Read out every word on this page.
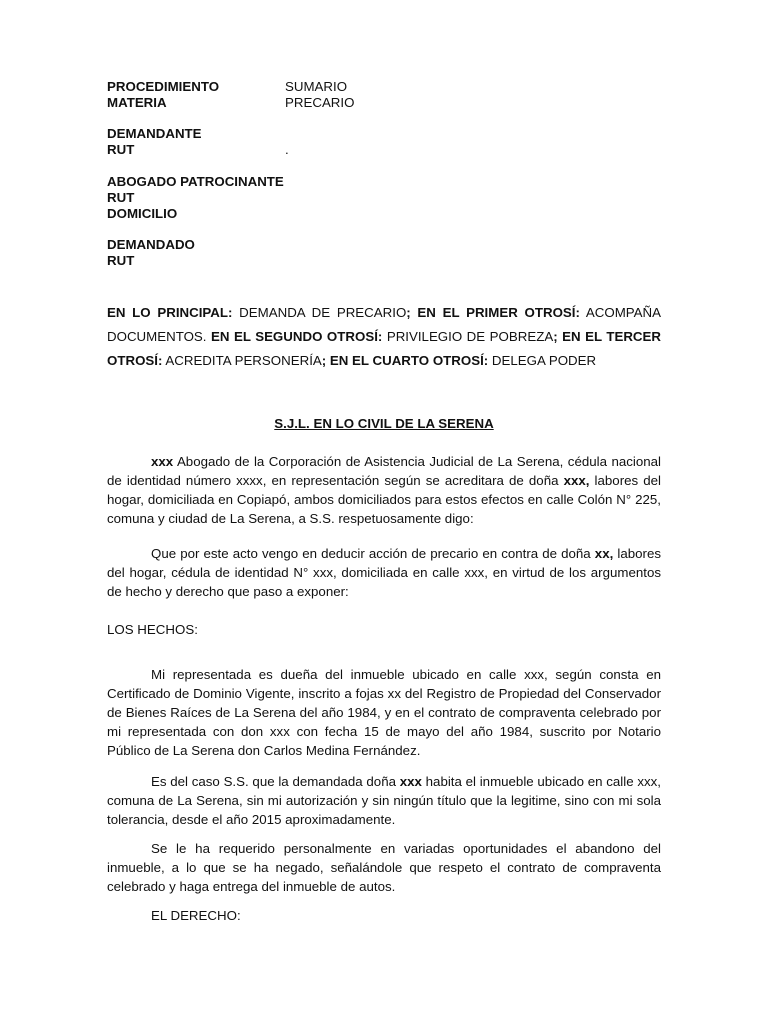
PROCEDIMIENTO	SUMARIO
MATERIA	PRECARIO
DEMANDANTE
RUT	.
ABOGADO PATROCINANTE
RUT
DOMICILIO
DEMANDADO
RUT
EN LO PRINCIPAL: DEMANDA DE PRECARIO; EN EL PRIMER OTROSÍ: ACOMPAÑA DOCUMENTOS. EN EL SEGUNDO OTROSÍ: PRIVILEGIO DE POBREZA; EN EL TERCER OTROSÍ: ACREDITA PERSONERÍA; EN EL CUARTO OTROSÍ: DELEGA PODER
S.J.L. EN LO CIVIL DE LA SERENA
xxx Abogado de la Corporación de Asistencia Judicial de La Serena, cédula nacional de identidad número xxxx, en representación según se acreditara de doña xxx, labores del hogar, domiciliada en Copiapó, ambos domiciliados para estos efectos en calle Colón N° 225, comuna y ciudad de La Serena, a S.S. respetuosamente digo:
Que por este acto vengo en deducir acción de precario en contra de doña xx, labores del hogar, cédula de identidad N° xxx, domiciliada en calle xxx, en virtud de los argumentos de hecho y derecho que paso a exponer:
LOS HECHOS:
Mi representada es dueña del inmueble ubicado en calle xxx, según consta en Certificado de Dominio Vigente, inscrito a fojas xx del Registro de Propiedad del Conservador de Bienes Raíces de La Serena del año 1984, y en el contrato de compraventa celebrado por mi representada con don xxx con fecha 15 de mayo del año 1984, suscrito por Notario Público de La Serena don Carlos Medina Fernández.
Es del caso S.S. que la demandada doña xxx habita el inmueble ubicado en calle xxx, comuna de La Serena, sin mi autorización y sin ningún título que la legitime, sino con mi sola tolerancia, desde el año 2015 aproximadamente.
Se le ha requerido personalmente en variadas oportunidades el abandono del inmueble, a lo que se ha negado, señalándole que respeto el contrato de compraventa celebrado y haga entrega del inmueble de autos.
EL DERECHO:
